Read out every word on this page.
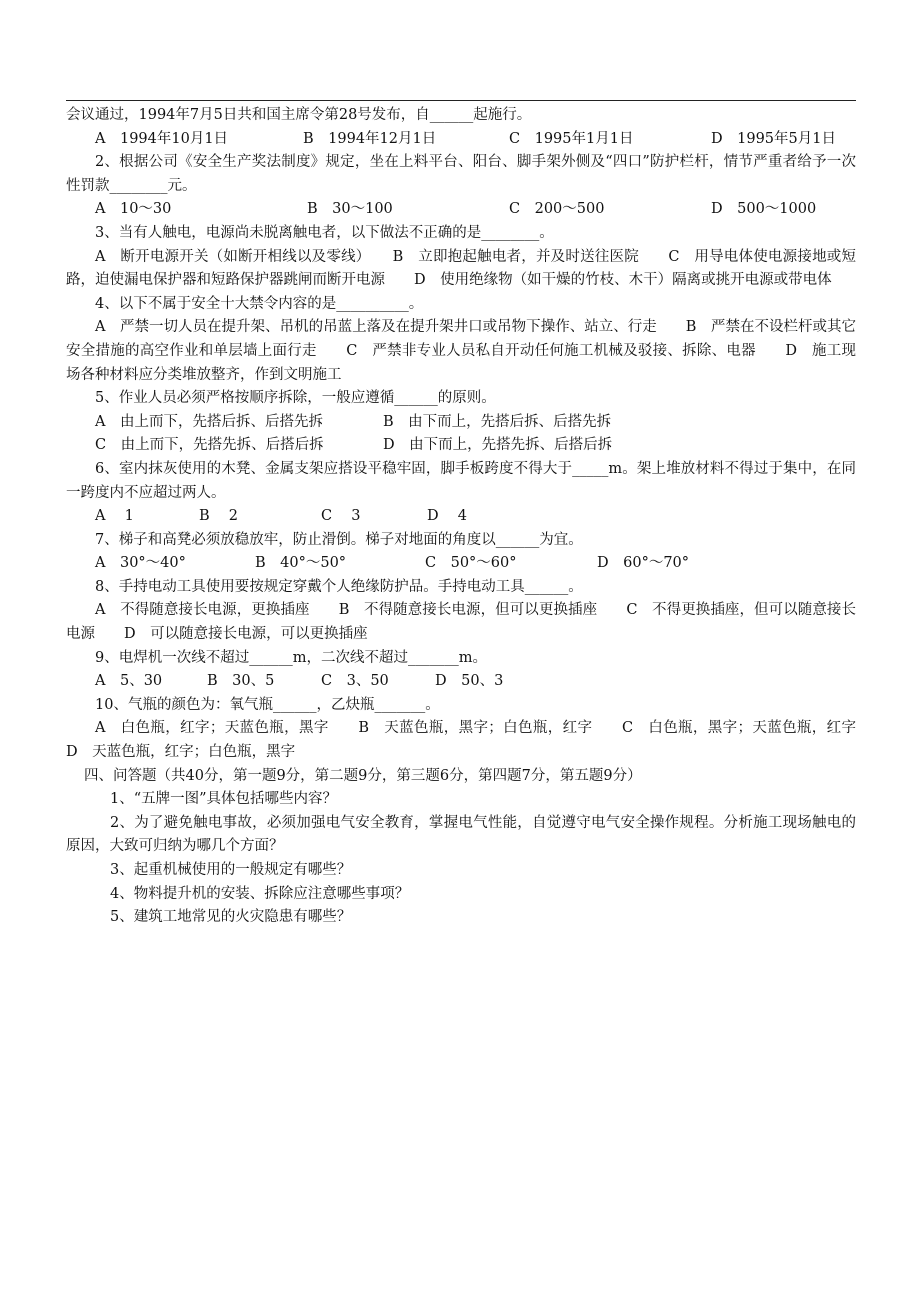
会议通过，1994年7月5日共和国主席令第28号发布，自______起施行。

A　1994年10月1日	B　1994年12月1日	C　1995年1月1日	D　1995年5月1日

2、根据公司《安全生产奖法制度》规定，坐在上料平台、阳台、脚手架外侧及“四口”防护栏杆，情节严重者给予一次性罚款________元。

A　10～30	B　30～100	C　200～500	D　500～1000

3、当有人触电，电源尚未脱离触电者，以下做法不正确的是________。

A　断开电源开关（如断开相线以及零线）　　B　立即抱起触电者，并及时送往医院　　C　用导电体使电源接地或短路，迫使漏电保护器和短路保护器跳闸而断开电源　　D　使用绝缘物（如干燥的竹枝、木干）隔离或挑开电源或带电体

4、以下不属于安全十大禁令内容的是__________。

A　严禁一切人员在提升架、吊机的吊蓝上落及在提升架井口或吊物下操作、站立、行走　　B　严禁在不设栏杆或其它安全措施的高空作业和单层墙上面行走　　C　严禁非专业人员私自开动任何施工机械及驳接、拆除、电器　　D　施工现场各种材料应分类堆放整齐，作到文明施工

5、作业人员必须严格按顺序拆除，一般应遵循______的原则。

A　由上而下，先搭后拆、后搭先拆	B　由下而上，先搭后拆、后搭先拆
C　由上而下，先搭先拆、后搭后拆	D　由下而上，先搭先拆、后搭后拆

6、室内抹灰使用的木凳、金属支架应搭设平稳牢固，脚手板跨度不得大于_____m。架上堆放材料不得过于集中，在同一跨度内不应超过两人。

A　 1	B　 2	C　 3	D　 4

7、梯子和高凳必须放稳放牢，防止滑倒。梯子对地面的角度以______为宜。

A　30°～40°	B　40°～50°	C　50°～60°	D　60°～70°

8、手持电动工具使用要按规定穿戴个人绝缘防护品。手持电动工具______。

A　不得随意接长电源，更换插座　　B　不得随意接长电源，但可以更换插座　　C　不得更换插座，但可以随意接长电源　　D　可以随意接长电源，可以更换插座

9、电焊机一次线不超过______m，二次线不超过_______m。

A　5、30	B　30、5	C　3、50	D　50、3

10、气瓶的颜色为：氧气瓶______，乙炔瓶_______。

A　白色瓶，红字；天蓝色瓶，黑字　　B　天蓝色瓶，黑字；白色瓶，红字　　C　白色瓶，黑字；天蓝色瓶，红字　　D　天蓝色瓶，红字；白色瓶，黑字

四、问答题（共40分，第一题9分，第二题9分，第三题6分，第四题7分，第五题9分）

1、“五牌一图”具体包括哪些内容？

2、为了避免触电事故，必须加强电气安全教育，掌握电气性能，自觉遵守电气安全操作规程。分析施工现场触电的原因，大致可归纳为哪几个方面？

3、起重机械使用的一般规定有哪些？

4、物料提升机的安装、拆除应注意哪些事项？

5、建筑工地常见的火灾隐患有哪些？
